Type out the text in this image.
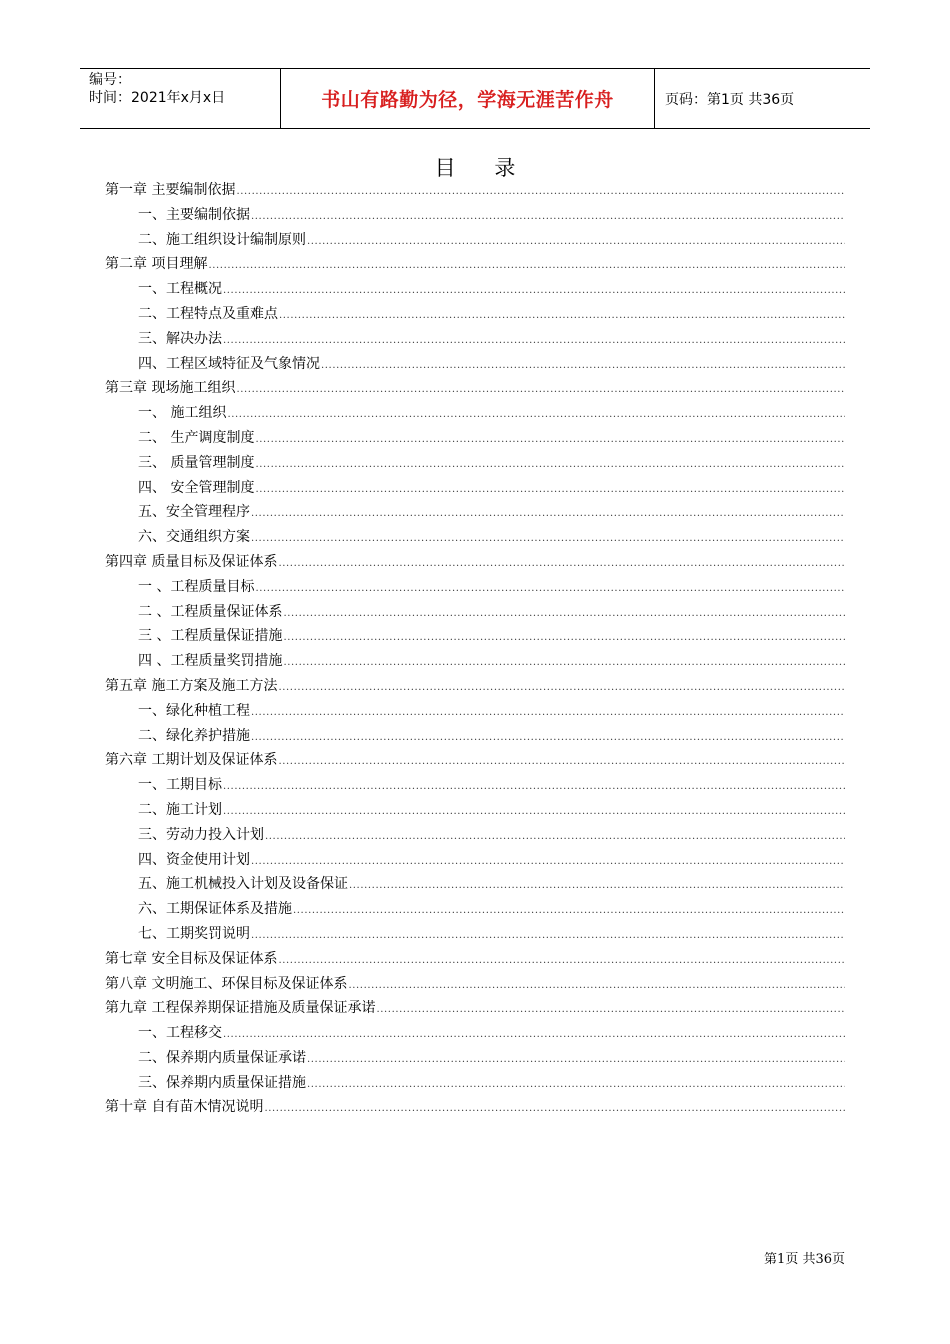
编号：
时间：2021年x月x日	书山有路勤为径，学海无涯苦作舟	页码：第1页 共36页
目 录
第一章 主要编制依据
.....
一、主要编制依据
.....
二、施工组织设计编制原则
.....
第二章 项目理解
.....
一、工程概况
.....
二、工程特点及重难点
.....
三、解决办法
.....
四、工程区域特征及气象情况
.....
第三章 现场施工组织
.....
一、 施工组织
.....
二、 生产调度制度
.....
三、 质量管理制度
.....
四、 安全管理制度
.....
五、安全管理程序
.....
六、交通组织方案
.....
第四章 质量目标及保证体系
.....
一 、工程质量目标
.....
二 、工程质量保证体系
.....
三 、工程质量保证措施
.....
四 、工程质量奖罚措施
.....
第五章 施工方案及施工方法
.....
一、绿化种植工程
.....
二、绿化养护措施
.....
第六章 工期计划及保证体系
.....
一、工期目标
.....
二、施工计划
.....
三、劳动力投入计划
.....
四、资金使用计划
.....
五、施工机械投入计划及设备保证
.....
六、工期保证体系及措施
.....
七、工期奖罚说明
.....
第七章 安全目标及保证体系
.....
第八章 文明施工、环保目标及保证体系
.....
第九章 工程保养期保证措施及质量保证承诺
.....
一、工程移交
.....
二、保养期内质量保证承诺
.....
三、保养期内质量保证措施
.....
第十章 自有苗木情况说明
.....
第1页 共36页
